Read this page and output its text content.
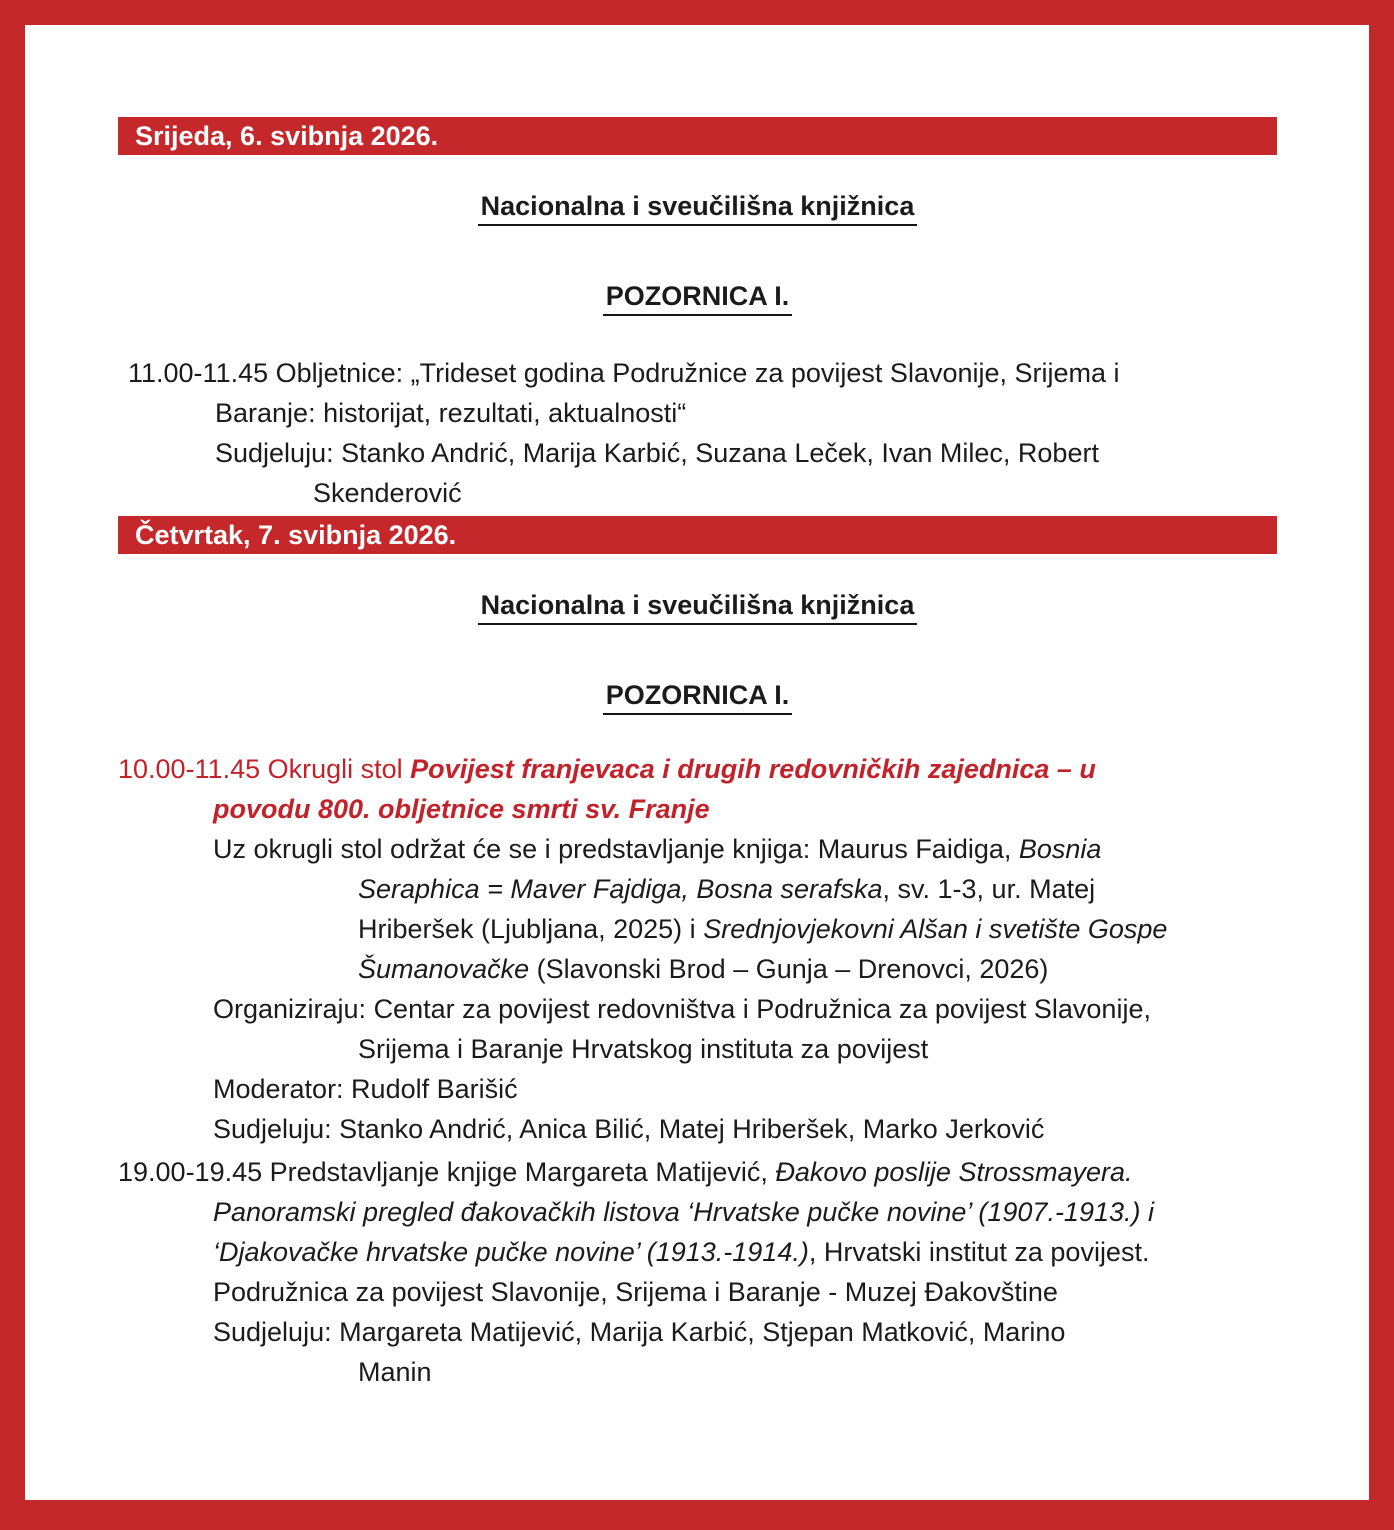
Srijeda, 6. svibnja 2026.
Nacionalna i sveučilišna knjižnica
POZORNICA I.
11.00-11.45 Obljetnice: „Trideset godina Podružnice za povijest Slavonije, Srijema i
Baranje: historijat, rezultati, aktualnosti“
Sudjeluju: Stanko Andrić, Marija Karbić, Suzana Leček, Ivan Milec, Robert
Skenderović
Četvrtak, 7. svibnja 2026.
Nacionalna i sveučilišna knjižnica
POZORNICA I.
10.00-11.45 Okrugli stol Povijest franjevaca i drugih redovničkih zajednica – u
povodu 800. obljetnice smrti sv. Franje
Uz okrugli stol održat će se i predstavljanje knjiga: Maurus Faidiga, Bosnia
Seraphica = Maver Fajdiga, Bosna serafska, sv. 1-3, ur. Matej
Hriberšek (Ljubljana, 2025) i Srednjovjekovni Alšan i svetište Gospe
Šumanovačke (Slavonski Brod – Gunja – Drenovci, 2026)
Organiziraju: Centar za povijest redovništva i Podružnica za povijest Slavonije,
Srijema i Baranje Hrvatskog instituta za povijest
Moderator: Rudolf Barišić
Sudjeluju: Stanko Andrić, Anica Bilić, Matej Hriberšek, Marko Jerković
19.00-19.45 Predstavljanje knjige Margareta Matijević, Đakovo poslije Strossmayera.
Panoramski pregled đakovačkih listova ‘Hrvatske pučke novine’ (1907.-1913.) i
‘Djakovačke hrvatske pučke novine’ (1913.-1914.), Hrvatski institut za povijest.
Podružnica za povijest Slavonije, Srijema i Baranje - Muzej Đakovštine
Sudjeluju: Margareta Matijević, Marija Karbić, Stjepan Matković, Marino
Manin
